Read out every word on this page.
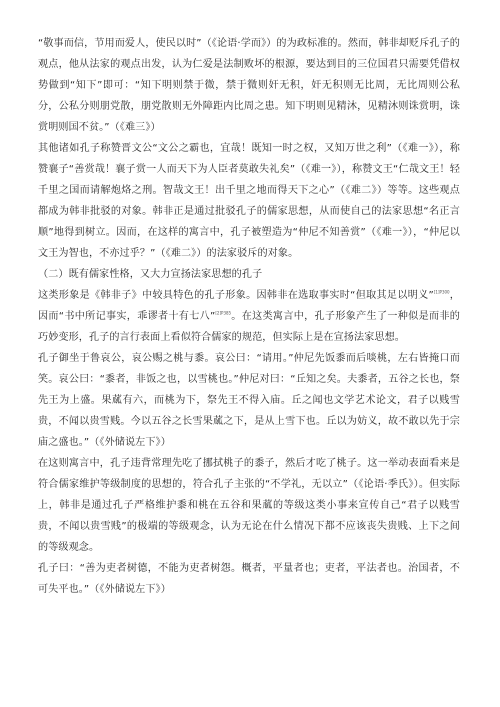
“敬事而信，节用而爱人，使民以时”（《论语·学而》）的为政标准的。然而，韩非却贬斥孔子的观点，他从法家的观点出发，认为仁爱是法制败坏的根源，要达到目的三位国君只需要凭借权势做到“知下”即可：“知下明则禁于微，禁于微则奸无积，奸无积则无比周，无比周则公私分，公私分则朋党散，朋党散则无外障距内比周之患。知下明则见精沐，见精沐则诛赏明，诛赏明则国不贫。”（《难三》）

其他诸如孔子称赞晋文公“文公之霸也，宜哉！既知一时之权，又知万世之利”（《难一》），称赞襄子“善赏哉！襄子赏一人而天下为人臣者莫敢失礼矣”（《难一》），称赞文王“仁哉文王！轻千里之国而请解炮烙之刑。智哉文王！出千里之地而得天下之心”（《难二》）等等。这些观点都成为韩非批驳的对象。韩非正是通过批驳孔子的儒家思想，从而使自己的法家思想“名正言顺”地得到树立。因而，在这样的寓言中，孔子被塑造为“仲尼不知善赏”（《难一》），“仲尼以文王为智也，不亦过乎？”（《难二》）的法家驳斥的对象。

（二）既有儒家性格，又大力宣扬法家思想的孔子

这类形象是《韩非子》中较具特色的孔子形象。因韩非在选取事实时“但取其足以明义”$^{[1]P300}$，因而“书中所记事实，乖谬者十有七八”$^{[2]P385}$。在这类寓言中，孔子形象产生了一种似是而非的巧妙变形，孔子的言行表面上看似符合儒家的规范，但实际上是在宣扬法家思想。

孔子御坐于鲁哀公，哀公赐之桃与黍。哀公曰：“请用。”仲尼先饭黍而后啖桃，左右皆掩口而笑。哀公曰：“黍者，非饭之也，以雪桃也。”仲尼对曰：“丘知之矣。夫黍者，五谷之长也，祭先王为上盛。果蓏有六，而桃为下，祭先王不得入庙。丘之闻也文学艺术论文，君子以贱雪贵，不闻以贵雪贱。今以五谷之长雪果蓏之下，是从上雪下也。丘以为妨义，故不敢以先于宗庙之盛也。”（《外储说左下》）

在这则寓言中，孔子违背常理先吃了挪拭桃子的黍子，然后才吃了桃子。这一举动表面看来是符合儒家维护等级制度的思想的，符合孔子主张的“不学礼，无以立”（《论语·季氏》）。但实际上，韩非是通过孔子严格维护黍和桃在五谷和果蓏的等级这类小事来宣传自己“君子以贱雪贵，不闻以贵雪贱”的极端的等级观念，认为无论在什么情况下都不应该丧失贵贱、上下之间的等级观念。

孔子曰：“善为吏者树德，不能为吏者树怨。概者，平量者也；吏者，平法者也。治国者，不可失平也。”（《外储说左下》）
